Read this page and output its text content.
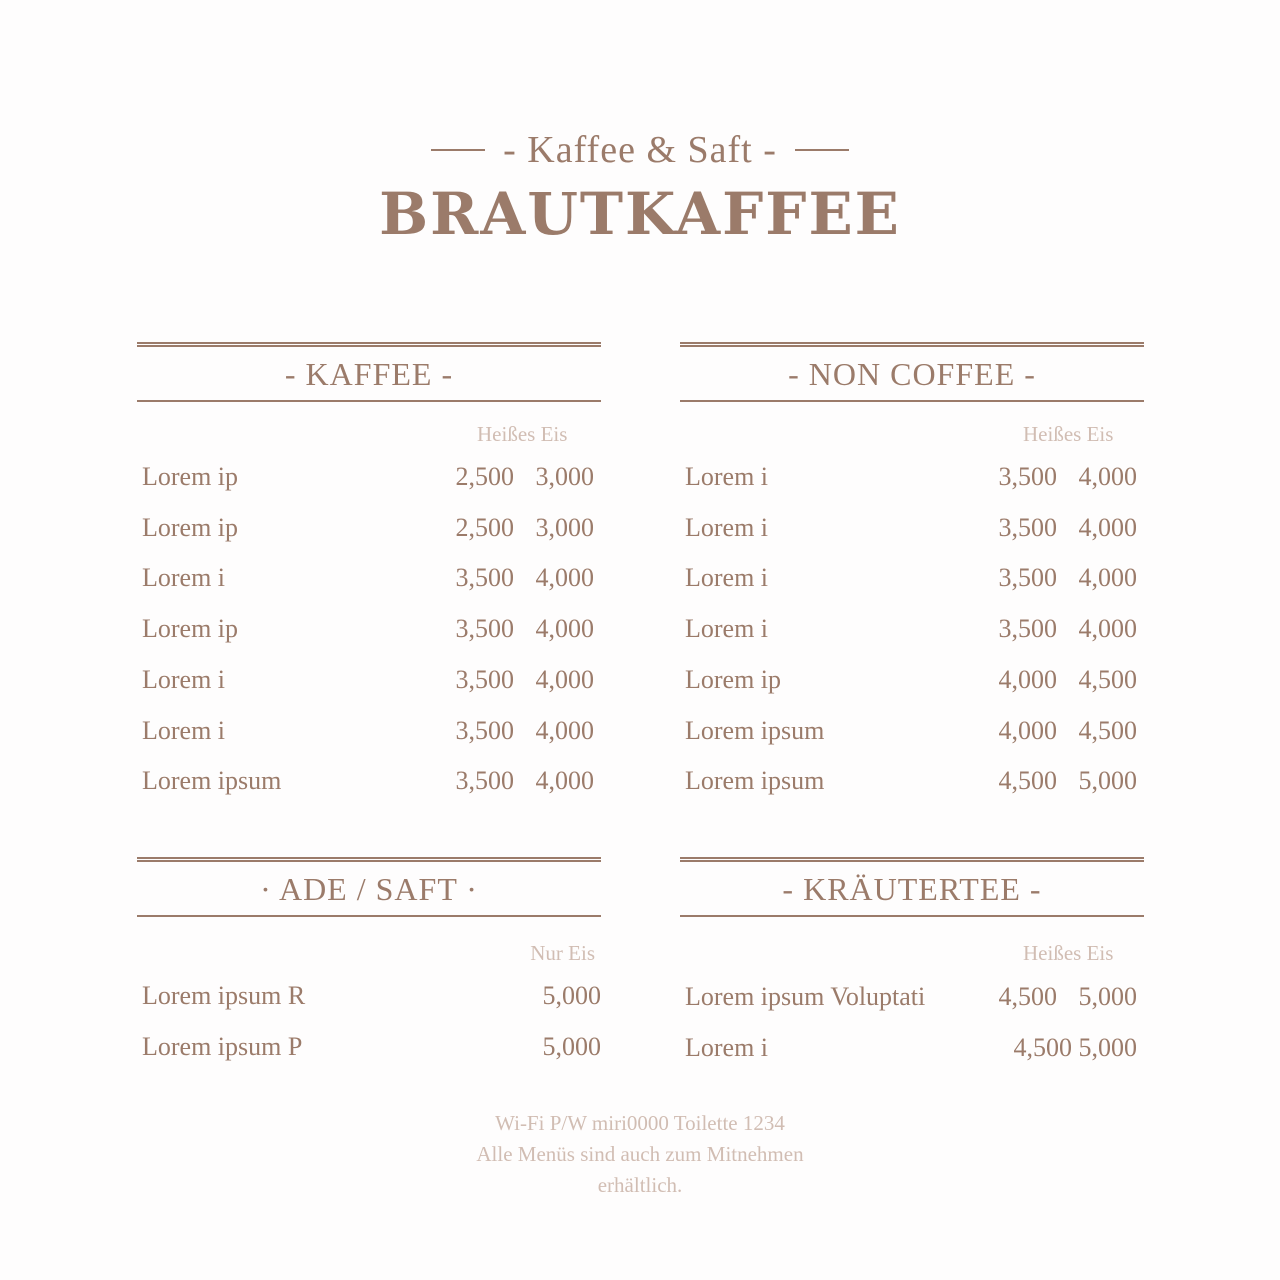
- Kaffee & Saft -
BRAUTKAFFEE
- KAFFEE -
Heißes Eis
Lorem ip	2,500 3,000
Lorem ip	2,500 3,000
Lorem i	3,500 4,000
Lorem ip	3,500 4,000
Lorem i	3,500 4,000
Lorem i	3,500 4,000
Lorem ipsum	3,500 4,000
- NON COFFEE -
Heißes Eis
Lorem i	3,500 4,000
Lorem i	3,500 4,000
Lorem i	3,500 4,000
Lorem i	3,500 4,000
Lorem ip	4,000 4,500
Lorem ipsum	4,000 4,500
Lorem ipsum	4,500 5,000
· ADE / SAFT ·
Nur Eis
Lorem ipsum R	5,000
Lorem ipsum P	5,000
- KRÄUTERTEE -
Heißes Eis
Lorem ipsum Voluptati	4,500 5,000
Lorem i	4,500 5,000
Wi-Fi P/W miri0000 Toilette 1234
Alle Menüs sind auch zum Mitnehmen
erhältlich.
